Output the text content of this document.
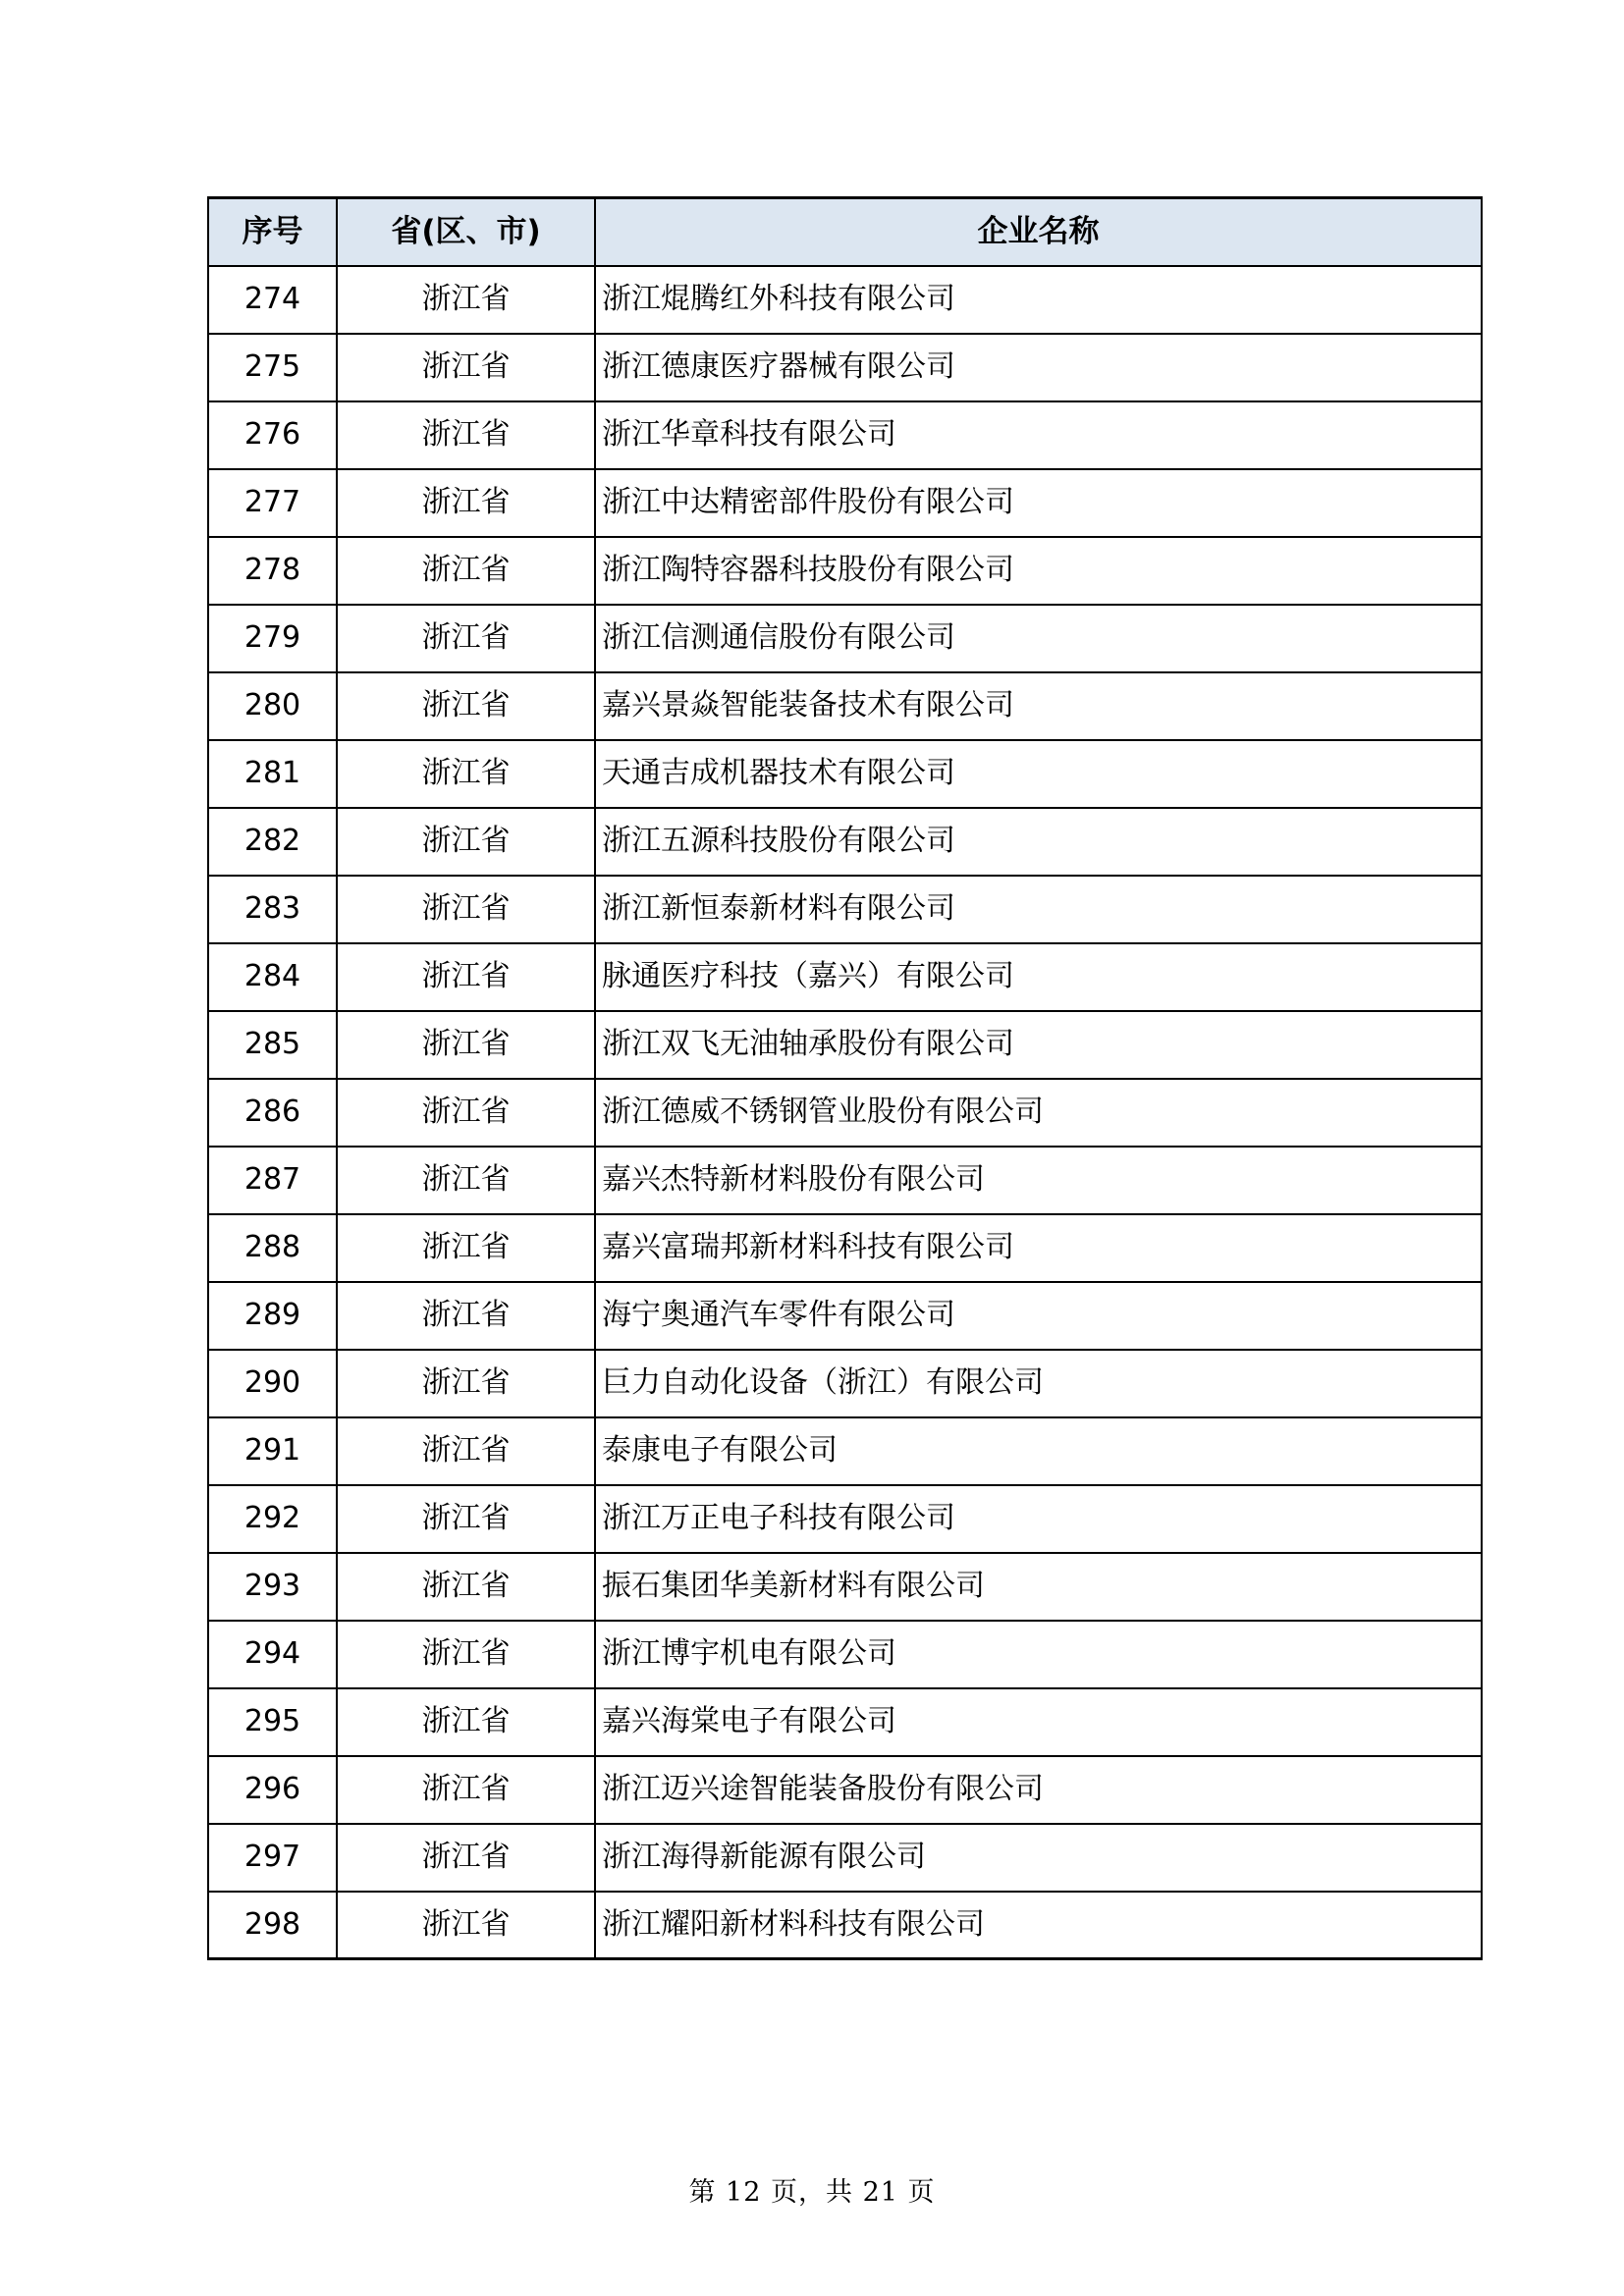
序号	省(区、市)	企业名称
274	浙江省	浙江焜腾红外科技有限公司
275	浙江省	浙江德康医疗器械有限公司
276	浙江省	浙江华章科技有限公司
277	浙江省	浙江中达精密部件股份有限公司
278	浙江省	浙江陶特容器科技股份有限公司
279	浙江省	浙江信测通信股份有限公司
280	浙江省	嘉兴景焱智能装备技术有限公司
281	浙江省	天通吉成机器技术有限公司
282	浙江省	浙江五源科技股份有限公司
283	浙江省	浙江新恒泰新材料有限公司
284	浙江省	脉通医疗科技（嘉兴）有限公司
285	浙江省	浙江双飞无油轴承股份有限公司
286	浙江省	浙江德威不锈钢管业股份有限公司
287	浙江省	嘉兴杰特新材料股份有限公司
288	浙江省	嘉兴富瑞邦新材料科技有限公司
289	浙江省	海宁奥通汽车零件有限公司
290	浙江省	巨力自动化设备（浙江）有限公司
291	浙江省	泰康电子有限公司
292	浙江省	浙江万正电子科技有限公司
293	浙江省	振石集团华美新材料有限公司
294	浙江省	浙江博宇机电有限公司
295	浙江省	嘉兴海棠电子有限公司
296	浙江省	浙江迈兴途智能装备股份有限公司
297	浙江省	浙江海得新能源有限公司
298	浙江省	浙江耀阳新材料科技有限公司
第 12 页，共 21 页
